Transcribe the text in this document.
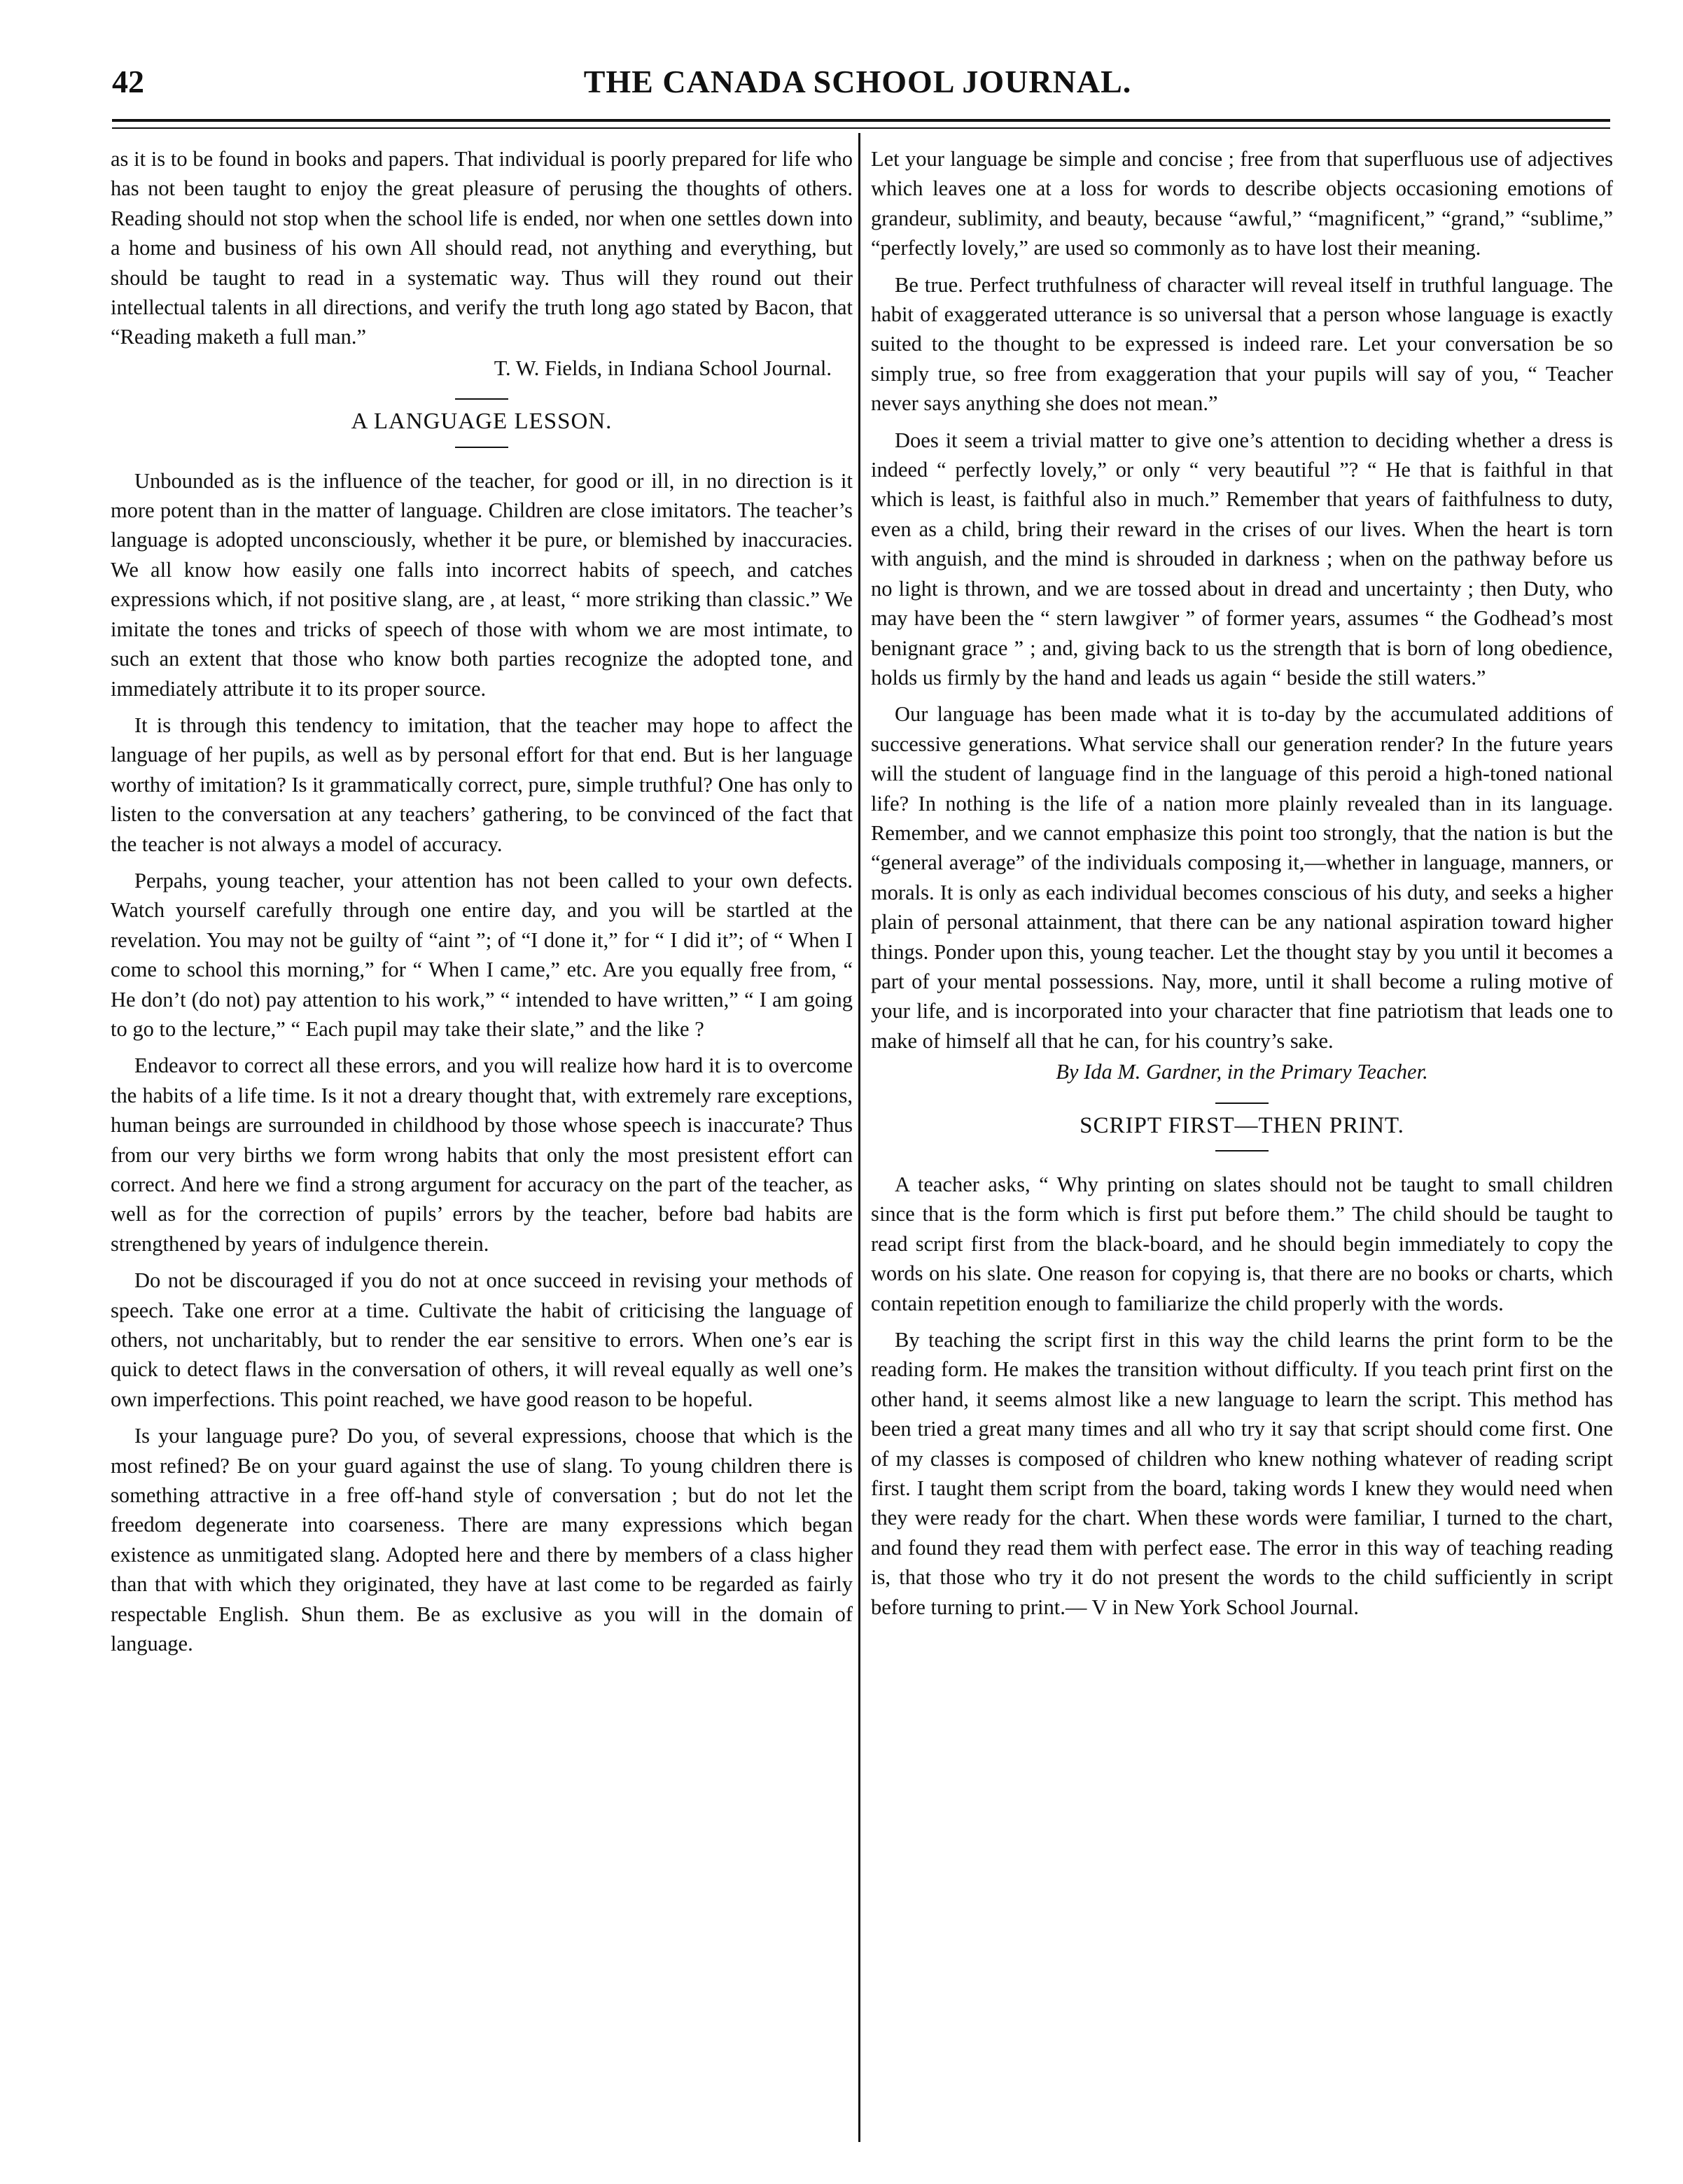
42	THE CANADA SCHOOL JOURNAL.

as it is to be found in books and papers. That individual is poorly prepared for life who has not been taught to enjoy the great pleasure of perusing the thoughts of others. Reading should not stop when the school life is ended, nor when one settles down into a home and business of his own All should read, not anything and everything, but should be taught to read in a systematic way. Thus will they round out their intellectual talents in all directions, and verify the truth long ago stated by Bacon, that “Reading maketh a full man.”

T. W. Fields, in Indiana School Journal.

A LANGUAGE LESSON.

Unbounded as is the influence of the teacher, for good or ill, in no direction is it more potent than in the matter of language. Children are close imitators. The teacher’s language is adopted unconsciously, whether it be pure, or blemished by inaccuracies. We all know how easily one falls into incorrect habits of speech, and catches expressions which, if not positive slang, are , at least, “ more striking than classic.” We imitate the tones and tricks of speech of those with whom we are most intimate, to such an extent that those who know both parties recognize the adopted tone, and immediately attribute it to its proper source.

It is through this tendency to imitation, that the teacher may hope to affect the language of her pupils, as well as by personal effort for that end. But is her language worthy of imitation? Is it grammatically correct, pure, simple truthful? One has only to listen to the conversation at any teachers’ gathering, to be convinced of the fact that the teacher is not always a model of accuracy.

Perpahs, young teacher, your attention has not been called to your own defects. Watch yourself carefully through one entire day, and you will be startled at the revelation. You may not be guilty of “aint ”; of “I done it,” for “ I did it”; of “ When I come to school this morning,” for “ When I came,” etc. Are you equally free from, “ He don’t (do not) pay attention to his work,” “ intended to have written,” “ I am going to go to the lecture,” “ Each pupil may take their slate,” and the like ?

Endeavor to correct all these errors, and you will realize how hard it is to overcome the habits of a life time. Is it not a dreary thought that, with extremely rare exceptions, human beings are surrounded in childhood by those whose speech is inaccurate? Thus from our very births we form wrong habits that only the most presistent effort can correct. And here we find a strong argument for accuracy on the part of the teacher, as well as for the correction of pupils’ errors by the teacher, before bad habits are strengthened by years of indulgence therein.

Do not be discouraged if you do not at once succeed in revising your methods of speech. Take one error at a time. Cultivate the habit of criticising the language of others, not uncharitably, but to render the ear sensitive to errors. When one’s ear is quick to detect flaws in the conversation of others, it will reveal equally as well one’s own imperfections. This point reached, we have good reason to be hopeful.

Is your language pure? Do you, of several expressions, choose that which is the most refined? Be on your guard against the use of slang. To young children there is something attractive in a free off-hand style of conversation ; but do not let the freedom degenerate into coarseness. There are many expressions which began existence as unmitigated slang. Adopted here and there by members of a class higher than that with which they originated, they have at last come to be regarded as fairly respectable English. Shun them. Be as exclusive as you will in the domain of language.

Let your language be simple and concise ; free from that superfluous use of adjectives which leaves one at a loss for words to describe objects occasioning emotions of grandeur, sublimity, and beauty, because “awful,” “magnificent,” “grand,” “sublime,” “perfectly lovely,” are used so commonly as to have lost their meaning.

Be true. Perfect truthfulness of character will reveal itself in truthful language. The habit of exaggerated utterance is so universal that a person whose language is exactly suited to the thought to be expressed is indeed rare. Let your conversation be so simply true, so free from exaggeration that your pupils will say of you, “ Teacher never says anything she does not mean.”

Does it seem a trivial matter to give one’s attention to deciding whether a dress is indeed “ perfectly lovely,” or only “ very beautiful ”? “ He that is faithful in that which is least, is faithful also in much.” Remember that years of faithfulness to duty, even as a child, bring their reward in the crises of our lives. When the heart is torn with anguish, and the mind is shrouded in darkness ; when on the pathway before us no light is thrown, and we are tossed about in dread and uncertainty ; then Duty, who may have been the “ stern lawgiver ” of former years, assumes “ the Godhead’s most benignant grace ” ; and, giving back to us the strength that is born of long obedience, holds us firmly by the hand and leads us again “ beside the still waters.”

Our language has been made what it is to-day by the accumulated additions of successive generations. What service shall our generation render? In the future years will the student of language find in the language of this peroid a high-toned national life? In nothing is the life of a nation more plainly revealed than in its language. Remember, and we cannot emphasize this point too strongly, that the nation is but the “general average” of the individuals composing it,—whether in language, manners, or morals. It is only as each individual becomes conscious of his duty, and seeks a higher plain of personal attainment, that there can be any national aspiration toward higher things. Ponder upon this, young teacher. Let the thought stay by you until it becomes a part of your mental possessions. Nay, more, until it shall become a ruling motive of your life, and is incorporated into your character that fine patriotism that leads one to make of himself all that he can, for his country’s sake.

By Ida M. Gardner, in the Primary Teacher.

SCRIPT FIRST—THEN PRINT.

A teacher asks, “ Why printing on slates should not be taught to small children since that is the form which is first put before them.” The child should be taught to read script first from the black-board, and he should begin immediately to copy the words on his slate. One reason for copying is, that there are no books or charts, which contain repetition enough to familiarize the child properly with the words.

By teaching the script first in this way the child learns the print form to be the reading form. He makes the transition without difficulty. If you teach print first on the other hand, it seems almost like a new language to learn the script. This method has been tried a great many times and all who try it say that script should come first. One of my classes is composed of children who knew nothing whatever of reading script first. I taught them script from the board, taking words I knew they would need when they were ready for the chart. When these words were familiar, I turned to the chart, and found they read them with perfect ease. The error in this way of teaching reading is, that those who try it do not present the words to the child sufficiently in script before turning to print.— V in New York School Journal.
